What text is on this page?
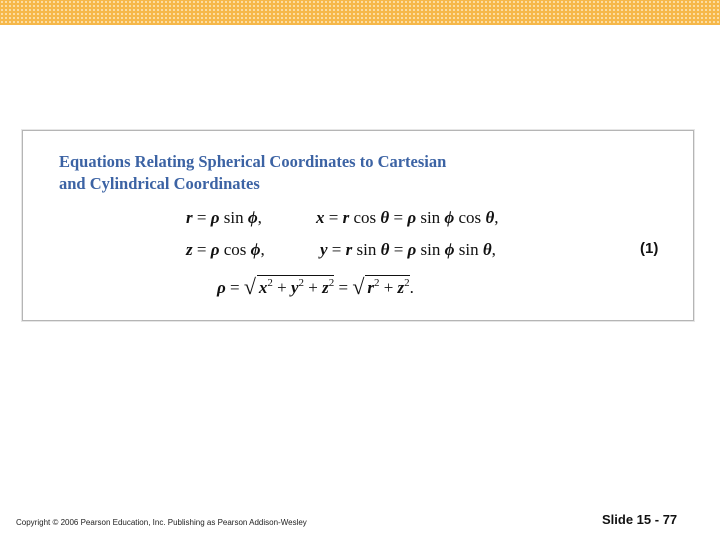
Equations Relating Spherical Coordinates to Cartesian
and Cylindrical Coordinates
r = ρ sin ϕ,	x = r cos θ = ρ sin ϕ cos θ,
z = ρ cos ϕ,	y = r sin θ = ρ sin ϕ sin θ,	(1)
ρ = √ $x^2 + y^2 + z^2$ = √ $r^2 + z^2$.
Copyright © 2006 Pearson Education, Inc. Publishing as Pearson Addison-Wesley	Slide 15 - 77
